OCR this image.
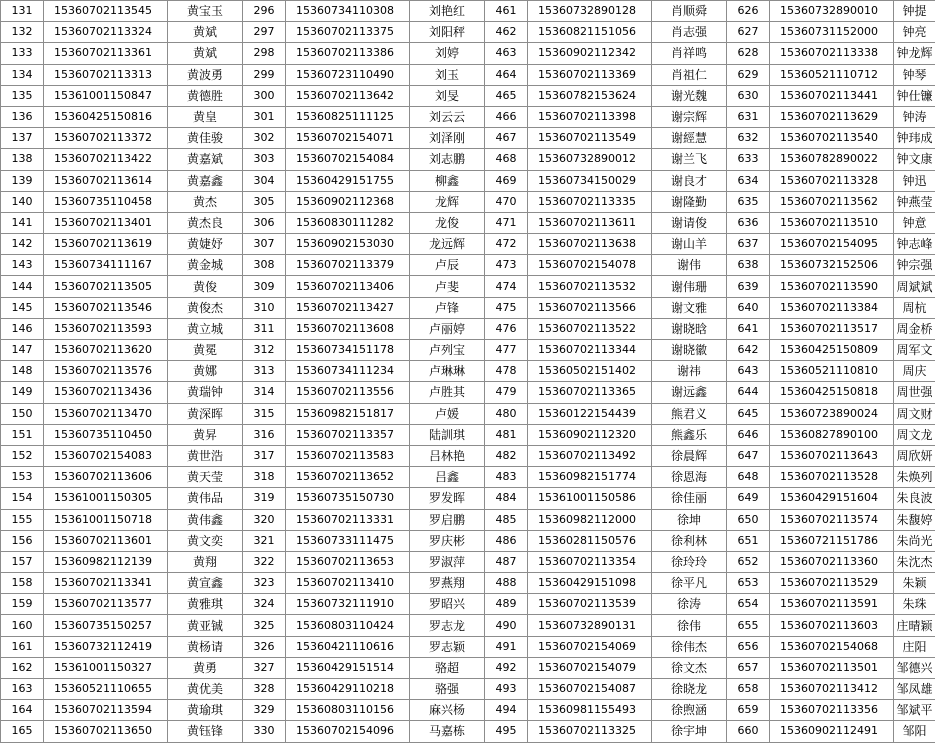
131	15360702113545	黄宝玉	296	15360734110308	刘艳红	461	15360732890128	肖顺舜	626	15360732890010	钟提
132	15360702113324	黄斌	297	15360702113375	刘阳秤	462	15360821151056	肖志强	627	15360731152000	钟亮
133	15360702113361	黄斌	298	15360702113386	刘婷	463	15360902112342	肖祥鸣	628	15360702113338	钟龙辉
134	15360702113313	黄波勇	299	15360723110490	刘玉	464	15360702113369	肖祖仁	629	15360521110712	钟琴
135	15361001150847	黄德胜	300	15360702113642	刘旻	465	15360782153624	谢光魏	630	15360702113441	钟仕镰
136	15360425150816	黄皇	301	15360825111125	刘云云	466	15360702113398	谢宗辉	631	15360702113629	钟涛
137	15360702113372	黄佳骏	302	15360702154071	刘泽刚	467	15360702113549	谢經慧	632	15360702113540	钟玮成
138	15360702113422	黄嘉斌	303	15360702154084	刘志鹏	468	15360732890012	谢兰飞	633	15360782890022	钟文康
139	15360702113614	黄嘉鑫	304	15360429151755	柳鑫	469	15360734150029	谢良才	634	15360702113328	钟迅
140	15360735110458	黄杰	305	15360902112368	龙辉	470	15360702113335	谢隆勤	635	15360702113562	钟燕莹
141	15360702113401	黄杰良	306	15360830111282	龙俊	471	15360702113611	谢请俊	636	15360702113510	钟意
142	15360702113619	黄婕妤	307	15360902153030	龙远辉	472	15360702113638	谢山羊	637	15360702154095	钟志峰
143	15360734111167	黄金城	308	15360702113379	卢辰	473	15360702154078	谢伟	638	15360732152506	钟宗强
144	15360702113505	黄俊	309	15360702113406	卢斐	474	15360702113532	谢伟珊	639	15360702113590	周斌斌
145	15360702113546	黄俊杰	310	15360702113427	卢锋	475	15360702113566	谢文雅	640	15360702113384	周杭
146	15360702113593	黄立城	311	15360702113608	卢丽婷	476	15360702113522	谢晓晗	641	15360702113517	周金桥
147	15360702113620	黄冕	312	15360734151178	卢列宝	477	15360702113344	谢晓徽	642	15360425150809	周军文
148	15360702113576	黄娜	313	15360734111234	卢琳琳	478	15360502151402	谢祎	643	15360521110810	周庆
149	15360702113436	黄瑞钟	314	15360702113556	卢胜其	479	15360702113365	谢远鑫	644	15360425150818	周世强
150	15360702113470	黄深晖	315	15360982151817	卢媛	480	15360122154439	熊君义	645	15360723890024	周文财
151	15360735110450	黄昇	316	15360702113357	陆訓琪	481	15360902112320	熊鑫乐	646	15360827890100	周文龙
152	15360702154083	黄世浩	317	15360702113583	吕林艳	482	15360702113492	徐晨辉	647	15360702113643	周欣妍
153	15360702113606	黄天莹	318	15360702113652	吕鑫	483	15360982151774	徐恩海	648	15360702113528	朱焕列
154	15361001150305	黄伟品	319	15360735150730	罗发晖	484	15361001150586	徐佳丽	649	15360429151604	朱良波
155	15361001150718	黄伟鑫	320	15360702113331	罗启鹏	485	15360982112000	徐坤	650	15360702113574	朱馥婷
156	15360702113601	黄文奕	321	15360733111475	罗庆彬	486	15360281150576	徐利林	651	15360721151786	朱尚光
157	15360982112139	黄翔	322	15360702113653	罗淑萍	487	15360702113354	徐玲玲	652	15360702113360	朱沈杰
158	15360702113341	黄宣鑫	323	15360702113410	罗燕翔	488	15360429151098	徐平凡	653	15360702113529	朱颖
159	15360702113577	黄雅琪	324	15360732111910	罗昭兴	489	15360702113539	徐涛	654	15360702113591	朱珠
160	15360735150257	黄亚铖	325	15360803110424	罗志龙	490	15360732890131	徐伟	655	15360702113603	庄晴颖
161	15360732112419	黄杨请	326	15360421110616	罗志颖	491	15360702154069	徐伟杰	656	15360702154068	庄阳
162	15361001150327	黄勇	327	15360429151514	骆超	492	15360702154079	徐文杰	657	15360702113501	邹德兴
163	15360521110655	黄优美	328	15360429110218	骆强	493	15360702154087	徐晓龙	658	15360702113412	邹凤雄
164	15360702113594	黄瑜琪	329	15360803110156	麻兴杨	494	15360981155493	徐煦涵	659	15360702113356	邹斌平
165	15360702113650	黄钰锋	330	15360702154096	马嘉栋	495	15360702113325	徐宇坤	660	15360902112491	邹阳
